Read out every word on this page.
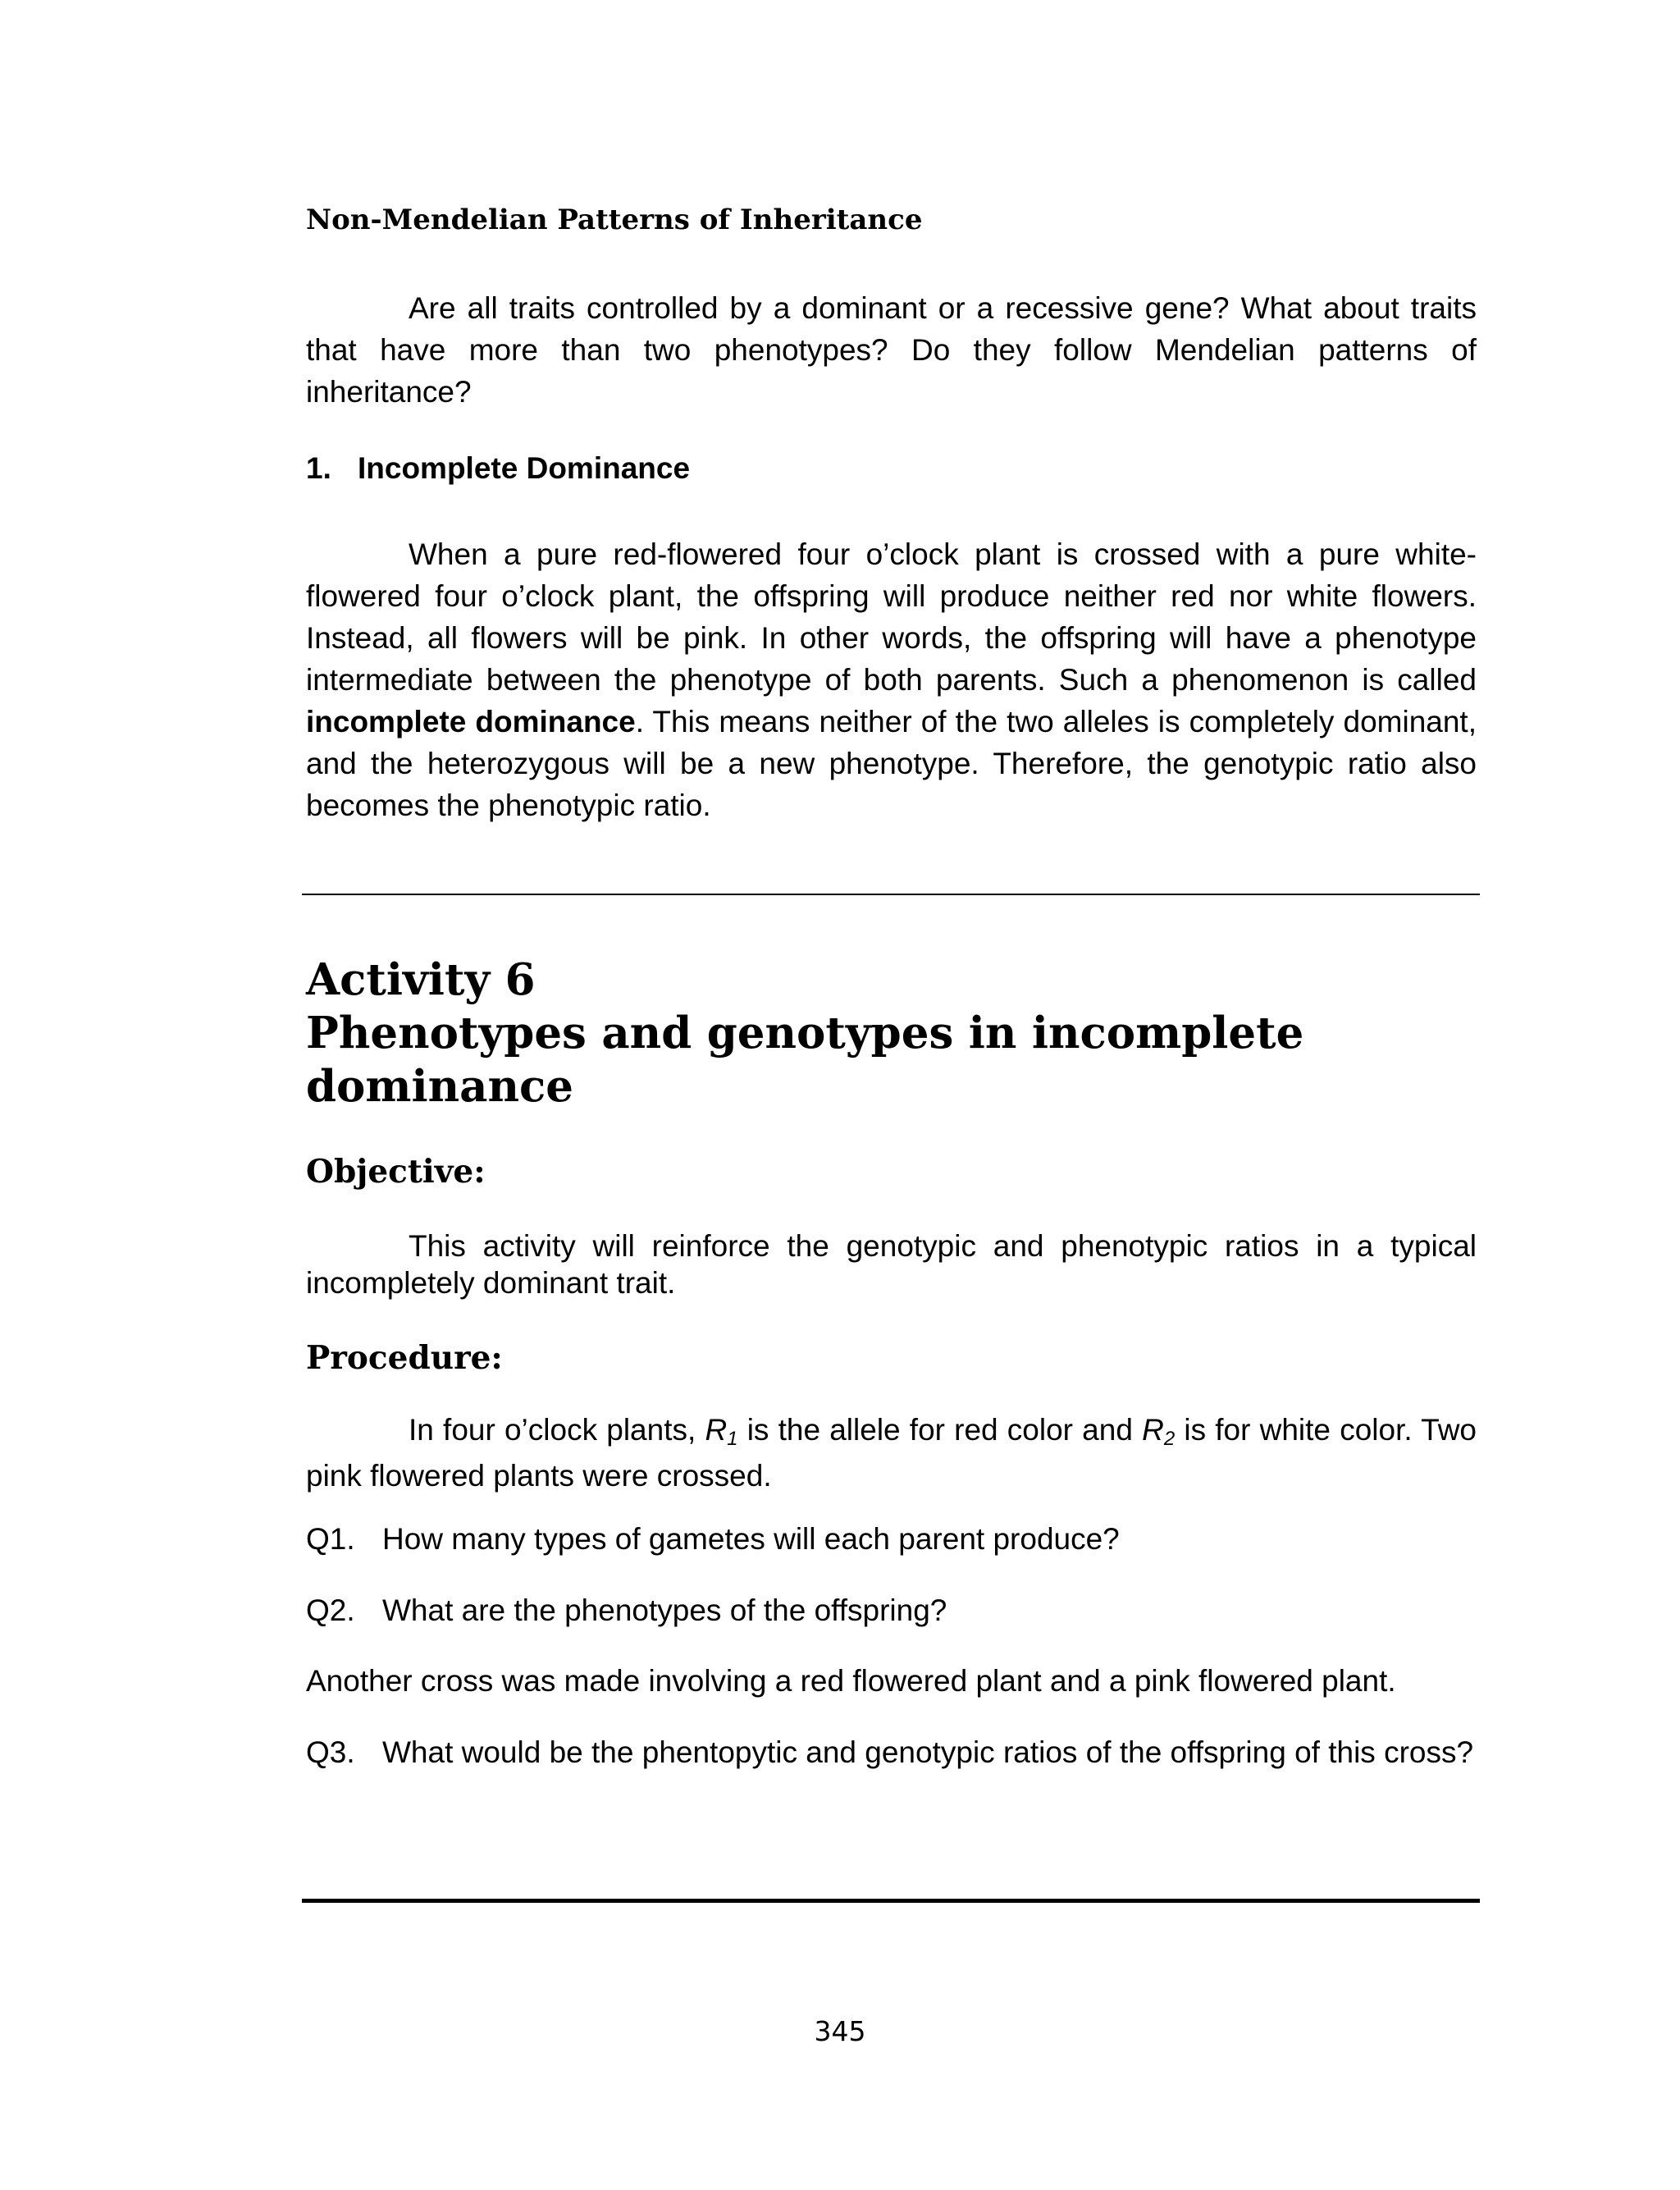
Non-Mendelian Patterns of Inheritance

Are all traits controlled by a dominant or a recessive gene? What about traits that have more than two phenotypes? Do they follow Mendelian patterns of inheritance?

1. Incomplete Dominance

When a pure red-flowered four o’clock plant is crossed with a pure white-flowered four o’clock plant, the offspring will produce neither red nor white flowers. Instead, all flowers will be pink. In other words, the offspring will have a phenotype intermediate between the phenotype of both parents. Such a phenomenon is called incomplete dominance. This means neither of the two alleles is completely dominant, and the heterozygous will be a new phenotype. Therefore, the genotypic ratio also becomes the phenotypic ratio.

Activity 6
Phenotypes and genotypes in incomplete
dominance
Objective:

This activity will reinforce the genotypic and phenotypic ratios in a typical incompletely dominant trait.

Procedure:

In four o’clock plants, $R_1$ is the allele for red color and $R_2$ is for white color. Two pink flowered plants were crossed.

Q1. How many types of gametes will each parent produce?
Q2. What are the phenotypes of the offspring?
Another cross was made involving a red flowered plant and a pink flowered plant.
Q3. What would be the phentopytic and genotypic ratios of the offspring of this cross?
345
